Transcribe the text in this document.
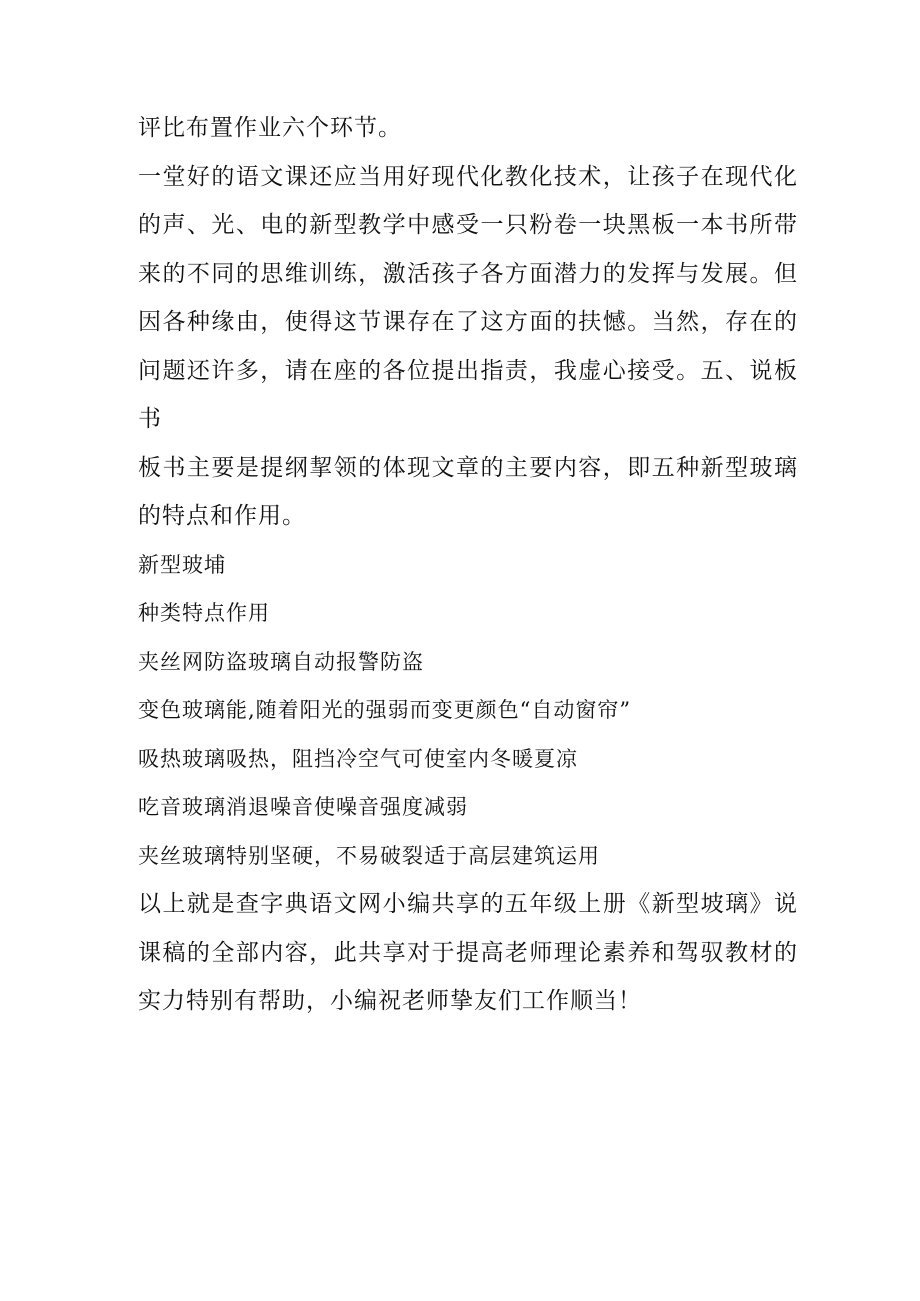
评比布置作业六个环节。

一堂好的语文课还应当用好现代化教化技术，让孩子在现代化的声、光、电的新型教学中感受一只粉卷一块黑板一本书所带来的不同的思维训练，激活孩子各方面潜力的发挥与发展。但因各种缘由，使得这节课存在了这方面的扶憾。当然，存在的问题还许多，请在座的各位提出指责，我虚心接受。五、说板书

板书主要是提纲挈领的体现文章的主要内容，即五种新型玻璃的特点和作用。

新型玻埔

种类特点作用

夹丝网防盗玻璃自动报警防盗

变色玻璃能,随着阳光的强弱而变更颜色“自动窗帘”

吸热玻璃吸热，阻挡冷空气可使室内冬暖夏凉

吃音玻璃消退噪音使噪音强度减弱

夹丝玻璃特别坚硬，不易破裂适于高层建筑运用

以上就是查字典语文网小编共享的五年级上册《新型坡璃》说课稿的全部内容，此共享对于提高老师理论素养和驾驭教材的实力特别有帮助，小编祝老师挚友们工作顺当！
